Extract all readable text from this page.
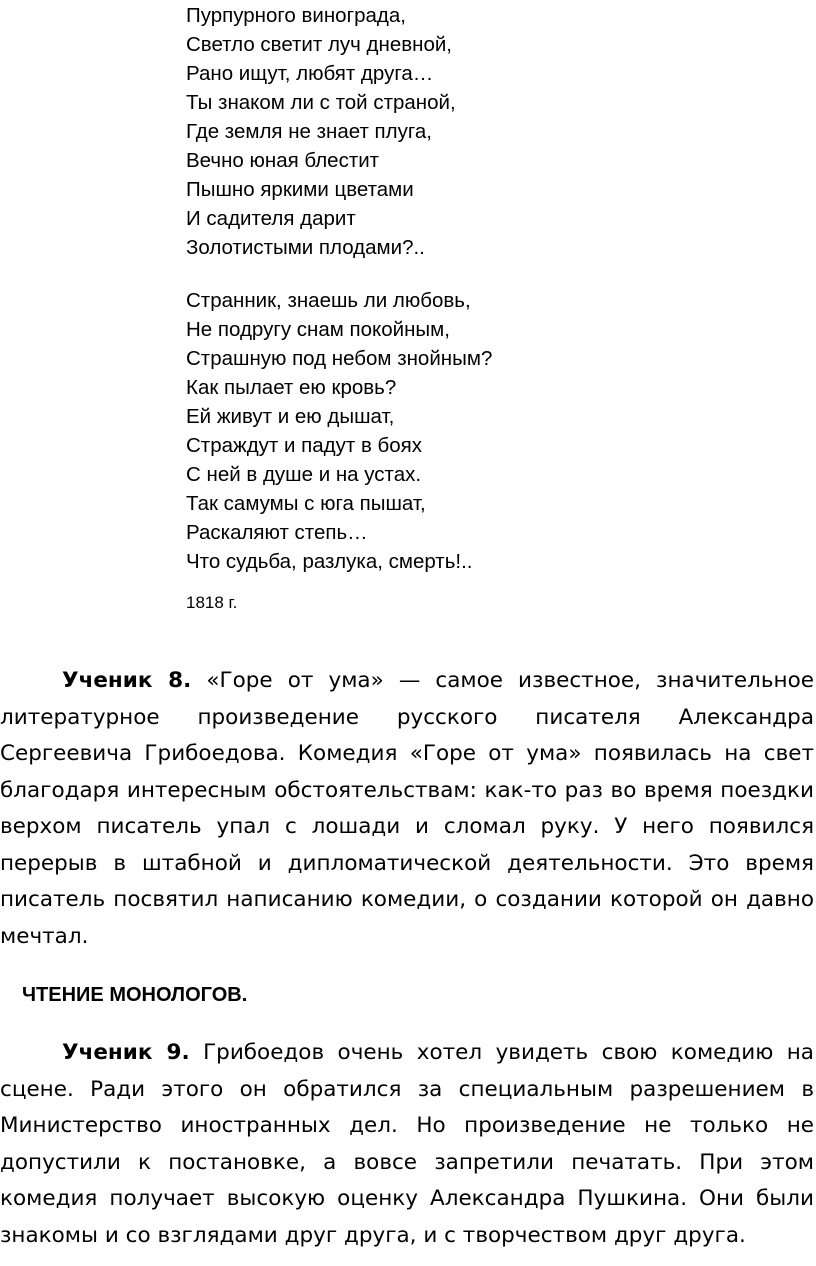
Пурпурного винограда,
Светло светит луч дневной,
Рано ищут, любят друга…
Ты знаком ли с той страной,
Где земля не знает плуга,
Вечно юная блестит
Пышно яркими цветами
И садителя дарит
Золотистыми плодами?..
Странник, знаешь ли любовь,
Не подругу снам покойным,
Страшную под небом знойным?
Как пылает ею кровь?
Ей живут и ею дышат,
Страждут и падут в боях
С ней в душе и на устах.
Так самумы с юга пышат,
Раскаляют степь…
Что судьба, разлука, смерть!..
1818 г.

Ученик 8. «Горе от ума» — самое известное, значительное литературное произведение русского писателя Александра Сергеевича Грибоедова. Комедия «Горе от ума» появилась на свет благодаря интересным обстоятельствам: как-то раз во время поездки верхом писатель упал с лошади и сломал руку. У него появился перерыв в штабной и дипломатической деятельности. Это время писатель посвятил написанию комедии, о создании которой он давно мечтал.

ЧТЕНИЕ МОНОЛОГОВ.

Ученик 9. Грибоедов очень хотел увидеть свою комедию на сцене. Ради этого он обратился за специальным разрешением в Министерство иностранных дел. Но произведение не только не допустили к постановке, а вовсе запретили печатать. При этом комедия получает высокую оценку Александра Пушкина. Они были знакомы и со взглядами друг друга, и с творчеством друг друга.
